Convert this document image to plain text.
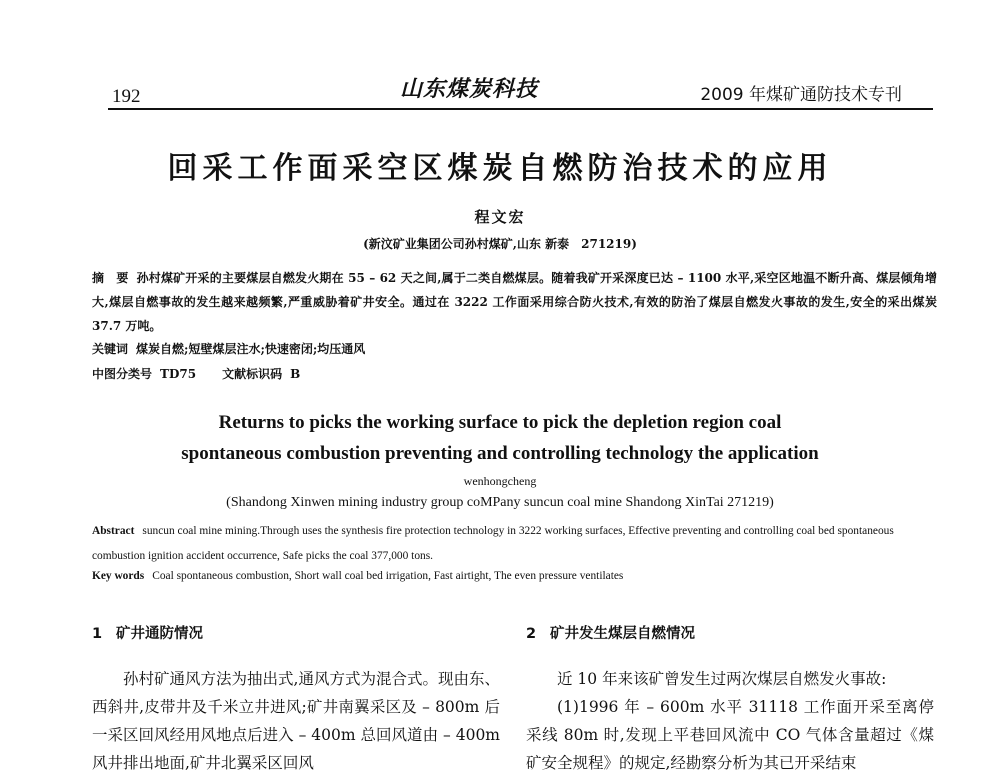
192	山东煤炭科技	2009 年煤矿通防技术专刊
回采工作面采空区煤炭自燃防治技术的应用
程文宏
(新汶矿业集团公司孙村煤矿,山东 新泰　271219)
摘　要 孙村煤矿开采的主要煤层自燃发火期在 55 – 62 天之间,属于二类自燃煤层。随着我矿开采深度已达 – 1100 水平,采空区地温不断升高、煤层倾角增大,煤层自燃事故的发生越来越频繁,严重威胁着矿井安全。通过在 3222 工作面采用综合防火技术,有效的防治了煤层自燃发火事故的发生,安全的采出煤炭 37.7 万吨。
关键词 煤炭自燃;短壁煤层注水;快速密闭;均压通风
中图分类号 TD75 文献标识码 B
Returns to picks the working surface to pick the depletion region coal
spontaneous combustion preventing and controlling technology the application
wenhongcheng
(Shandong Xinwen mining industry group coMPany suncun coal mine Shandong XinTai 271219)
Abstract suncun coal mine mining.Through uses the synthesis fire protection technology in 3222 working surfaces, Effective preventing and controlling coal bed spontaneous combustion ignition accident occurrence, Safe picks the coal 377,000 tons.
Key words Coal spontaneous combustion, Short wall coal bed irrigation, Fast airtight, The even pressure ventilates
1 矿井通防情况

孙村矿通风方法为抽出式,通风方式为混合式。现由东、西斜井,皮带井及千米立井进风;矿井南翼采区及 – 800m 后一采区回风经用风地点后进入 – 400m 总回风道由 – 400m 风井排出地面,矿井北翼采区回风

2 矿井发生煤层自燃情况

近 10 年来该矿曾发生过两次煤层自燃发火事故:

(1)1996 年 – 600m 水平 31118 工作面开采至离停采线 80m 时,发现上平巷回风流中 CO 气体含量超过《煤矿安全规程》的规定,经勘察分析为其已开采结束
